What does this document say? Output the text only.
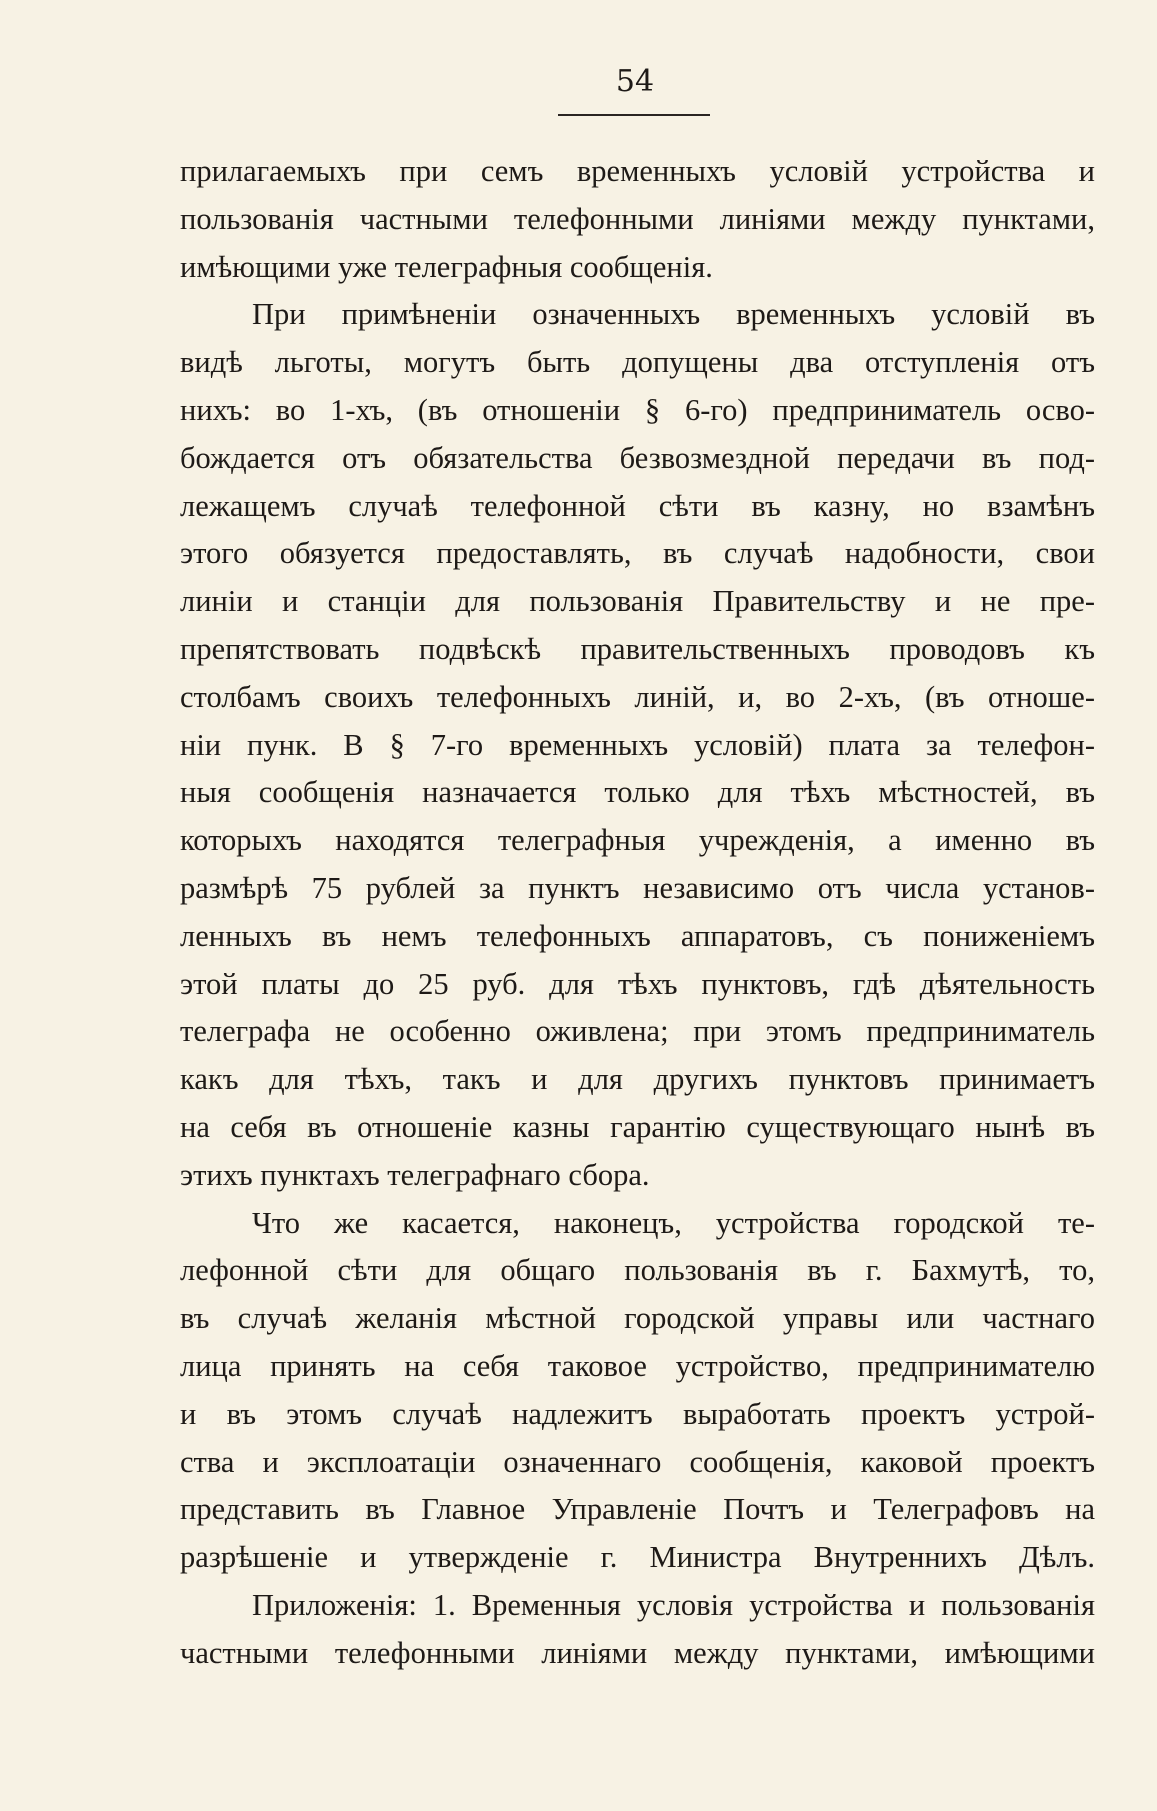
54
прилагаемыхъ при семъ временныхъ условій устройства и
пользованія частными телефонными линіями между пунктами,
имѣющими уже телеграфныя сообщенія.
При примѣненіи означенныхъ временныхъ условій въ
видѣ льготы, могутъ быть допущены два отступленія отъ
нихъ: во 1-хъ, (въ отношеніи § 6-го) предприниматель осво-
бождается отъ обязательства безвозмездной передачи въ под-
лежащемъ случаѣ телефонной сѣти въ казну, но взамѣнъ
этого обязуется предоставлять, въ случаѣ надобности, свои
линіи и станціи для пользованія Правительству и не пре-
препятствовать подвѣскѣ правительственныхъ проводовъ къ
столбамъ своихъ телефонныхъ линій, и, во 2-хъ, (въ отноше-
ніи пунк. В § 7-го временныхъ условій) плата за телефон-
ныя сообщенія назначается только для тѣхъ мѣстностей, въ
которыхъ находятся телеграфныя учрежденія, а именно въ
размѣрѣ 75 рублей за пунктъ независимо отъ числа установ-
ленныхъ въ немъ телефонныхъ аппаратовъ, съ пониженіемъ
этой платы до 25 руб. для тѣхъ пунктовъ, гдѣ дѣятельность
телеграфа не особенно оживлена; при этомъ предприниматель
какъ для тѣхъ, такъ и для другихъ пунктовъ принимаетъ
на себя въ отношеніе казны гарантію существующаго нынѣ въ
этихъ пунктахъ телеграфнаго сбора.
Что же касается, наконецъ, устройства городской те-
лефонной сѣти для общаго пользованія въ г. Бахмутѣ, то,
въ случаѣ желанія мѣстной городской управы или частнаго
лица принять на себя таковое устройство, предпринимателю
и въ этомъ случаѣ надлежитъ выработать проектъ устрой-
ства и эксплоатаціи означеннаго сообщенія, каковой проектъ
представить въ Главное Управленіе Почтъ и Телеграфовъ на
разрѣшеніе и утвержденіе г. Министра Внутреннихъ Дѣлъ.
Приложенія: 1. Временныя условія устройства и пользованія
частными телефонными линіями между пунктами, имѣющими
